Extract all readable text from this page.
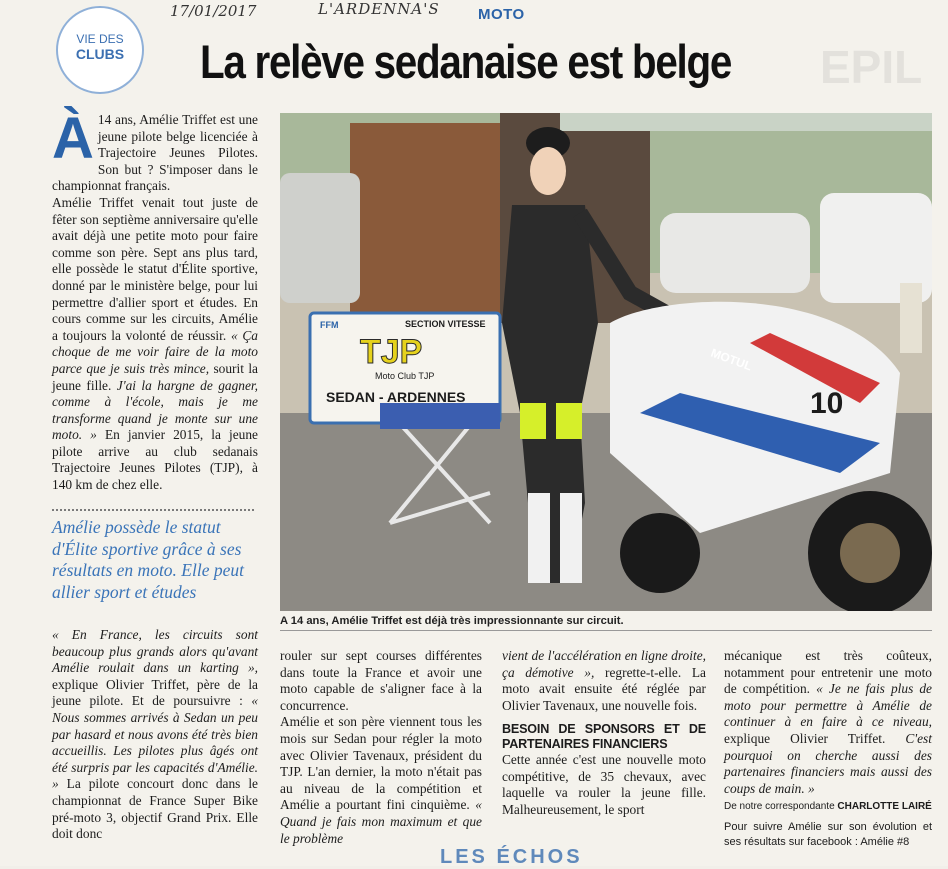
17/01/2017	L'ARDENNA'S	MOTO
VIE DES
CLUBS	EPIL
La relève sedanaise est belge

À 14 ans, Amélie Triffet est une jeune pilote belge licenciée à Trajectoire Jeunes Pilotes. Son but ? S'imposer dans le championnat français.

Amélie Triffet venait tout juste de fêter son septième anniversaire qu'elle avait déjà une petite moto pour faire comme son père. Sept ans plus tard, elle possède le statut d'Élite sportive, donné par le ministère belge, pour lui permettre d'allier sport et études. En cours comme sur les circuits, Amélie a toujours la volonté de réussir. « Ça choque de me voir faire de la moto parce que je suis très mince, sourit la jeune fille. J'ai la hargne de gagner, comme à l'école, mais je me transforme quand je monte sur une moto. » En janvier 2015, la jeune pilote arrive au club sedanais Trajectoire Jeunes Pilotes (TJP), à 140 km de chez elle.

Amélie possède le statut d'Élite sportive grâce à ses résultats en moto. Elle peut allier sport et études

« En France, les circuits sont beaucoup plus grands alors qu'avant Amélie roulait dans un karting », explique Olivier Triffet, père de la jeune pilote. Et de poursuivre : « Nous sommes arrivés à Sedan un peu par hasard et nous avons été très bien accueillis. Les pilotes plus âgés ont été surpris par les capacités d'Amélie. » La pilote concourt donc dans le championnat de France Super Bike pré-moto 3, objectif Grand Prix. Elle doit donc

SECTION VITESSE
FFM
TJP
Moto Club TJP
SEDAN - ARDENNES	10
MOTUL
A 14 ans, Amélie Triffet est déjà très impressionnante sur circuit.

rouler sur sept courses différentes dans toute la France et avoir une moto capable de s'aligner face à la concurrence.

Amélie et son père viennent tous les mois sur Sedan pour régler la moto avec Olivier Tavenaux, président du TJP. L'an dernier, la moto n'était pas au niveau de la compétition et Amélie a pourtant fini cinquième. « Quand je fais mon maximum et que le problème

vient de l'accélération en ligne droite, ça démotive », regrette-t-elle. La moto avait ensuite été réglée par Olivier Tavenaux, une nouvelle fois.

BESOIN DE SPONSORS ET DE PARTENAIRES FINANCIERS

Cette année c'est une nouvelle moto compétitive, de 35 chevaux, avec laquelle va rouler la jeune fille. Malheureusement, le sport

mécanique est très coûteux, notamment pour entretenir une moto de compétition. « Je ne fais plus de moto pour permettre à Amélie de continuer à en faire à ce niveau, explique Olivier Triffet. C'est pourquoi on cherche aussi des partenaires financiers mais aussi des coups de main. »

De notre correspondante CHARLOTTE LAIRÉ
Pour suivre Amélie sur son évolution et ses résultats sur facebook : Amélie #8
LES ÉCHOS
